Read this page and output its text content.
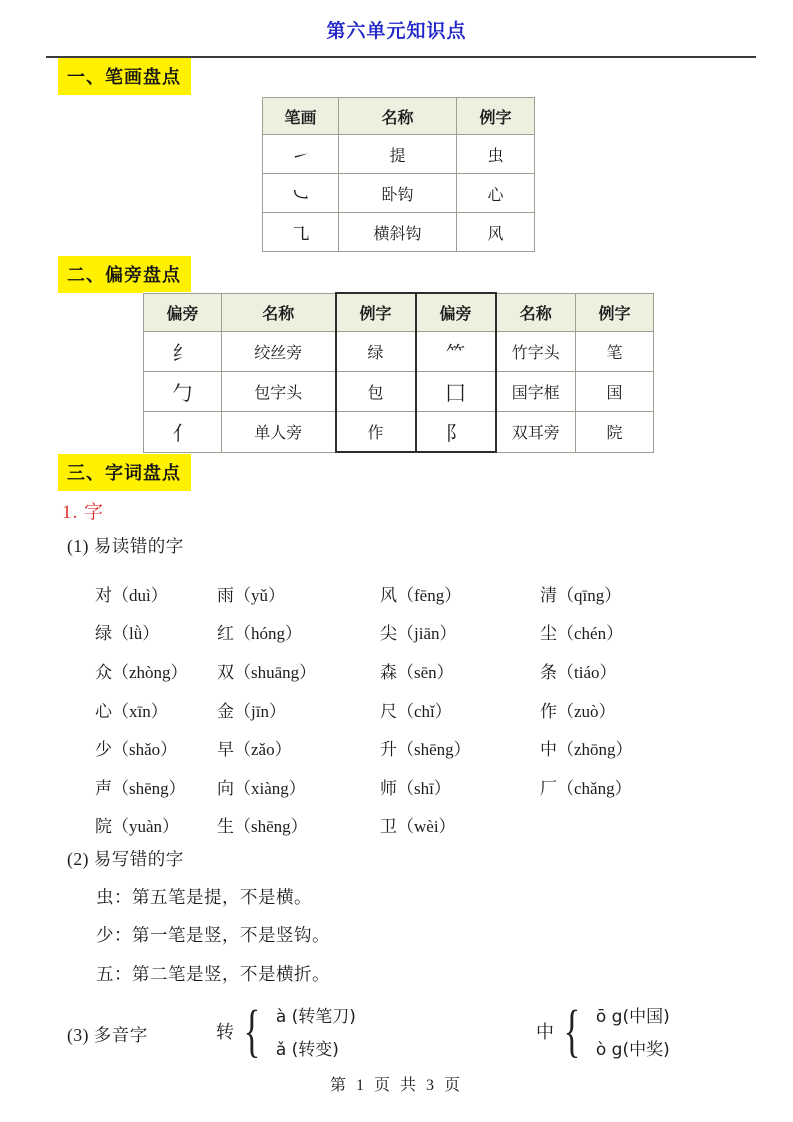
第六单元知识点
一、笔画盘点
笔画	名称	例字
㇀	提	虫
㇃	卧钩	心
㇈	横斜钩	风
二、偏旁盘点
偏旁	名称	例字	偏旁	名称	例字
纟	绞丝旁	绿	⺮	竹字头	笔
勹	包字头	包	囗	国字框	国
亻	单人旁	作	阝	双耳旁	院
三、字词盘点
1. 字
(1) 易读错的字
对（duì）	雨（yǔ）	风（fēng）	清（qīng）
绿（lǜ）	红（hóng）	尖（jiān）	尘（chén）
众（zhòng）	双（shuāng）	森（sēn）	条（tiáo）
心（xīn）	金（jīn）	尺（chǐ）	作（zuò）
少（shǎo）	早（zǎo）	升（shēng）	中（zhōng）
声（shēng）	向（xiàng）	师（shī）	厂（chǎng）
院（yuàn）	生（shēng）	卫（wèi）
(2) 易写错的字
虫：第五笔是提，不是横。
少：第一笔是竖，不是竖钩。
五：第二笔是竖，不是横折。
(3) 多音字	转 { à (转笔刀)
ǎ (转变)
中 { ō g(中国)
ò g(中奖)
第 1 页 共 3 页
